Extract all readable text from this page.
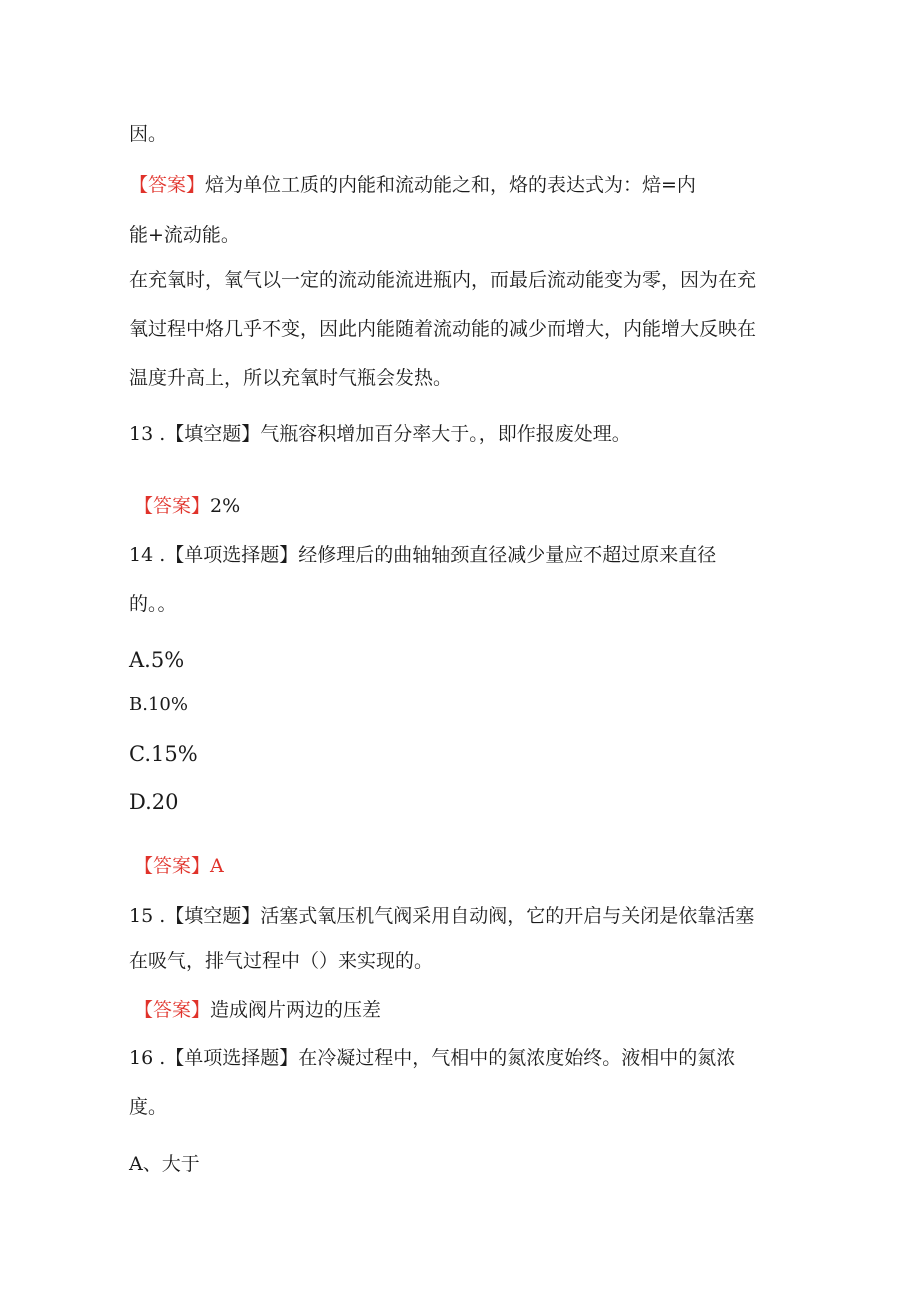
因。

【答案】焙为单位工质的内能和流动能之和，烙的表达式为：焙=内

能+流动能。

在充氧时，氧气以一定的流动能流进瓶内，而最后流动能变为零，因为在充

氧过程中烙几乎不变，因此内能随着流动能的减少而增大，内能增大反映在

温度升高上，所以充氧时气瓶会发热。

13 .【填空题】气瓶容积增加百分率大于。，即作报废处理。

【答案】2%

14 .【单项选择题】经修理后的曲轴轴颈直径减少量应不超过原来直径

的。。

A.5%

B.10%

C.15%

D.20

【答案】A

15 .【填空题】活塞式氧压机气阀采用自动阀，它的开启与关闭是依靠活塞

在吸气，排气过程中（）来实现的。

【答案】造成阀片两边的压差

16 .【单项选择题】在冷凝过程中，气相中的氮浓度始终。液相中的氮浓

度。

A、大于
